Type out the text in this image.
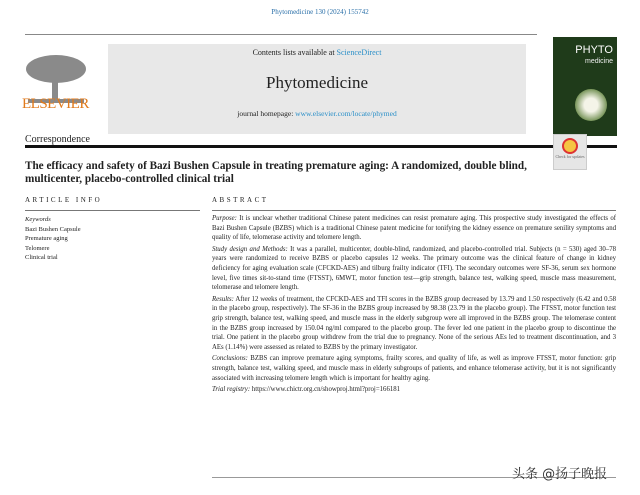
Phytomedicine 130 (2024) 155742
ELSEVIER
Contents lists available at ScienceDirect
Phytomedicine
journal homepage: www.elsevier.com/locate/phymed
PHYTO
medicine
Correspondence
Check for updates
The efficacy and safety of Bazi Bushen Capsule in treating premature aging: A randomized, double blind, multicenter, placebo-controlled clinical trial
ARTICLE INFO	ABSTRACT
Keywords
Bazi Bushen Capsule
Premature aging
Telomere
Clinical trial

Purpose: It is unclear whether traditional Chinese patent medicines can resist premature aging. This prospective study investigated the effects of Bazi Bushen Capsule (BZBS) which is a traditional Chinese patent medicine for tonifying the kidney essence on premature senility symptoms and quality of life, telomerase activity and telomere length.

Study design and Methods: It was a parallel, multicenter, double-blind, randomized, and placebo-controlled trial. Subjects (n = 530) aged 30–78 years were randomized to receive BZBS or placebo capsules 12 weeks. The primary outcome was the clinical feature of change in kidney deficiency for aging evaluation scale (CFCKD-AES) and tilburg frailty indicator (TFI). The secondary outcomes were SF-36, serum sex hormone level, five times sit-to-stand time (FTSST), 6MWT, motor function test—grip strength, balance test, walking speed, muscle mass measurement, telomerase and telomere length.

Results: After 12 weeks of treatment, the CFCKD-AES and TFI scores in the BZBS group decreased by 13.79 and 1.50 respectively (6.42 and 0.58 in the placebo group, respectively). The SF-36 in the BZBS group increased by 98.38 (23.79 in the placebo group). The FTSST, motor function test grip strength, balance test, walking speed, and muscle mass in the elderly subgroup were all improved in the BZBS group. The telomerase content in the BZBS group increased by 150.04 ng/ml compared to the placebo group. The fever led one patient in the placebo group to discontinue the trial. One patient in the placebo group withdrew from the trial due to pregnancy. None of the serious AEs led to treatment discontinuation, and 3 AEs (1.14%) were assessed as related to BZBS by the primary investigator.

Conclusions: BZBS can improve premature aging symptoms, frailty scores, and quality of life, as well as improve FTSST, motor function: grip strength, balance test, walking speed, and muscle mass in elderly subgroups of patients, and enhance telomerase activity, but it is not significantly associated with increasing telomere length which is important for healthy aging.

Trial registry: https://www.chictr.org.cn/showproj.html?proj=166181

头条 @扬子晚报
